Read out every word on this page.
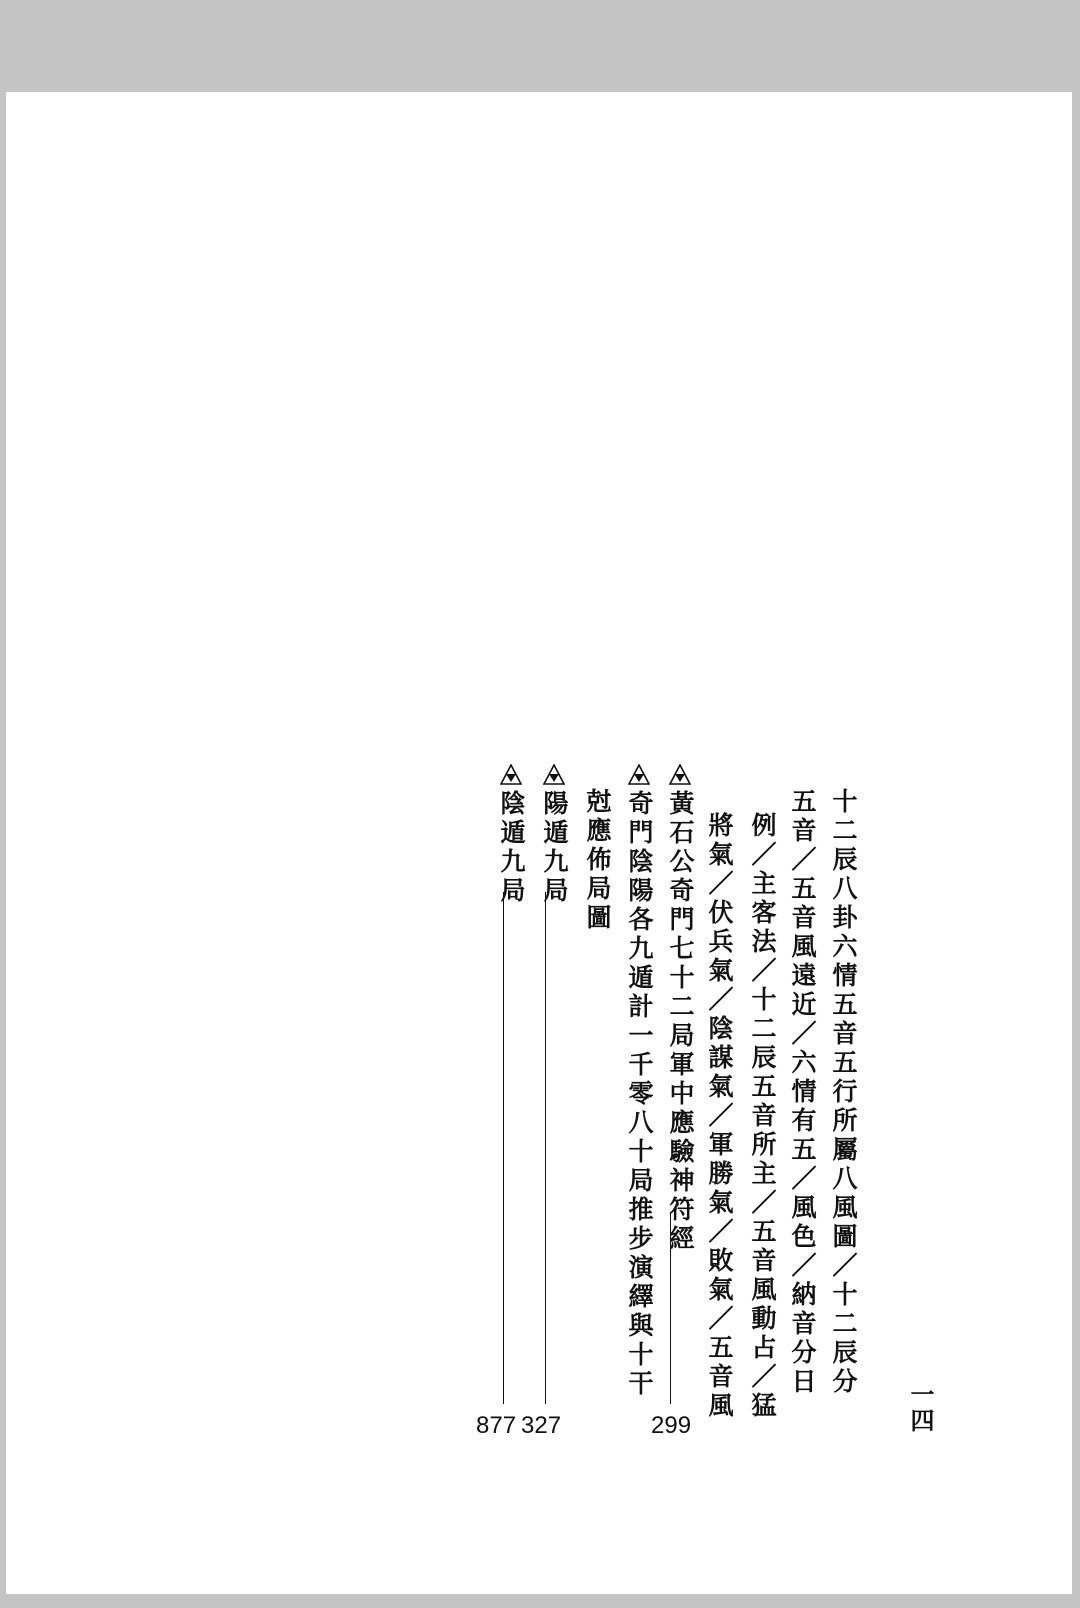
十二辰八卦六情五音五行所屬八風圖／十二辰分
五音／五音風遠近／六情有五／風色／納音分日
例／主客法／十二辰五音所主／五音風動占／猛
將氣／伏兵氣／陰謀氣／軍勝氣／敗氣／五音風
黃石公奇門七十二局軍中應驗神符經
299
奇門陰陽各九遁計一千零八十局推步演繹與十干
尅應佈局圖
陽遁九局
327
陰遁九局
877	一四
